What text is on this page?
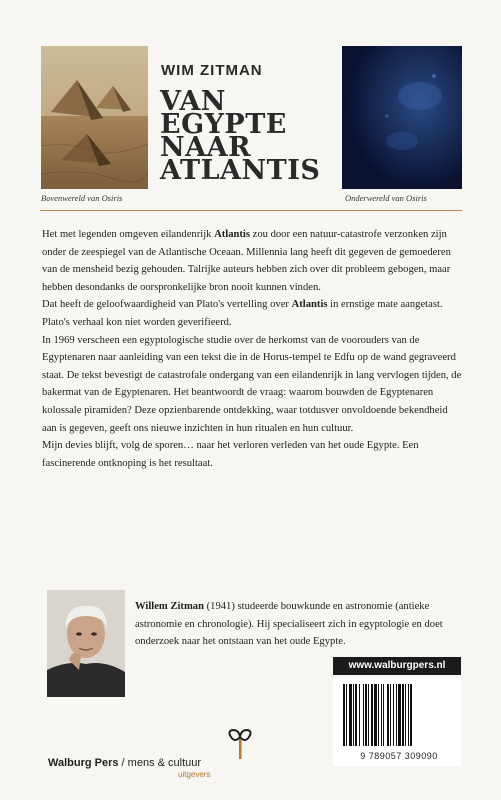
Bovenwereld van Osiris
WIM ZITMAN
VAN
EGYPTE
NAAR
ATLANTIS
Onderwereld van Osiris

Het met legenden omgeven eilandenrijk Atlantis zou door een natuur-catastrofe verzonken zijn onder de zeespiegel van de Atlantische Oceaan. Millennia lang heeft dit gegeven de gemoederen van de mensheid bezig gehouden. Talrijke auteurs hebben zich over dit probleem gebogen, maar hebben desondanks de oorspronkelijke bron nooit kunnen vinden.

Dat heeft de geloofwaardigheid van Plato's vertelling over Atlantis in ernstige mate aangetast. Plato's verhaal kon niet worden geverifieerd.

In 1969 verscheen een egyptologische studie over de herkomst van de voorouders van de Egyptenaren naar aanleiding van een tekst die in de Horus-tempel te Edfu op de wand gegraveerd staat. De tekst bevestigt de catastrofale ondergang van een eilandenrijk in lang vervlogen tijden, de bakermat van de Egyptenaren. Het beantwoordt de vraag: waarom bouwden de Egyptenaren kolossale piramiden? Deze opzienbarende ontdekking, waar totdusver onvoldoende bekendheid aan is gegeven, geeft ons nieuwe inzichten in hun ritualen en hun cultuur.

Mijn devies blijft, volg de sporen… naar het verloren verleden van het oude Egypte. Een fascinerende ontknoping is het resultaat.

Willem Zitman (1941) studeerde bouwkunde en astronomie (antieke astronomie en chronologie). Hij specialiseert zich in egyptologie en doet onderzoek naar het ontstaan van het oude Egypte.
www.walburgpers.nl
9 789057 309090
Walburg Pers / mens & cultuur
uitgevers
